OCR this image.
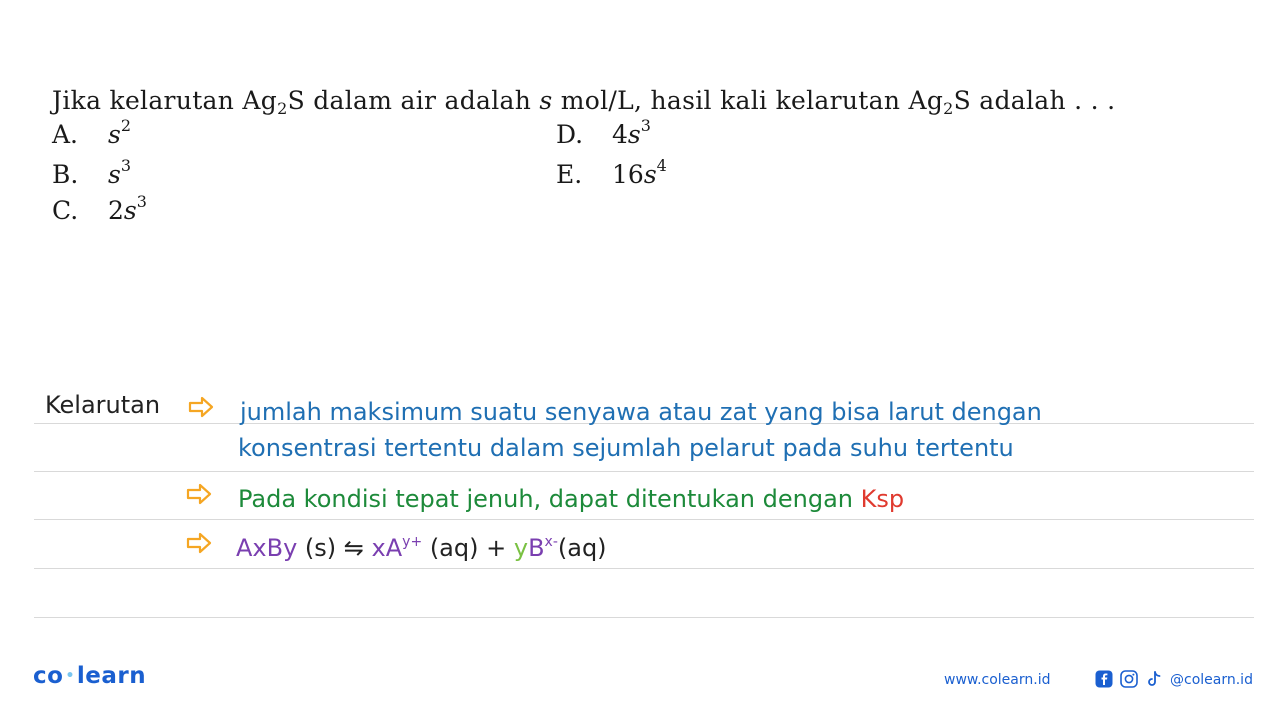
Jika kelarutan $Ag_2S$ dalam air adalah s mol/L, hasil kali kelarutan $Ag_2S$ adalah . . .
A. $s^2$
B. $s^3$
C. $2s^3$
D. $4s^3$
E. $16s^4$
Kelarutan	jumlah maksimum suatu senyawa atau zat yang bisa larut dengan
konsentrasi tertentu dalam sejumlah pelarut pada suhu tertentu
Pada kondisi tepat jenuh, dapat ditentukan dengan Ksp
AxBy (s) ⇋ $xA^{y+}$ $(aq) + yB^{x-}(aq)$
co •learn	www.colearn.id	@colearn.id
